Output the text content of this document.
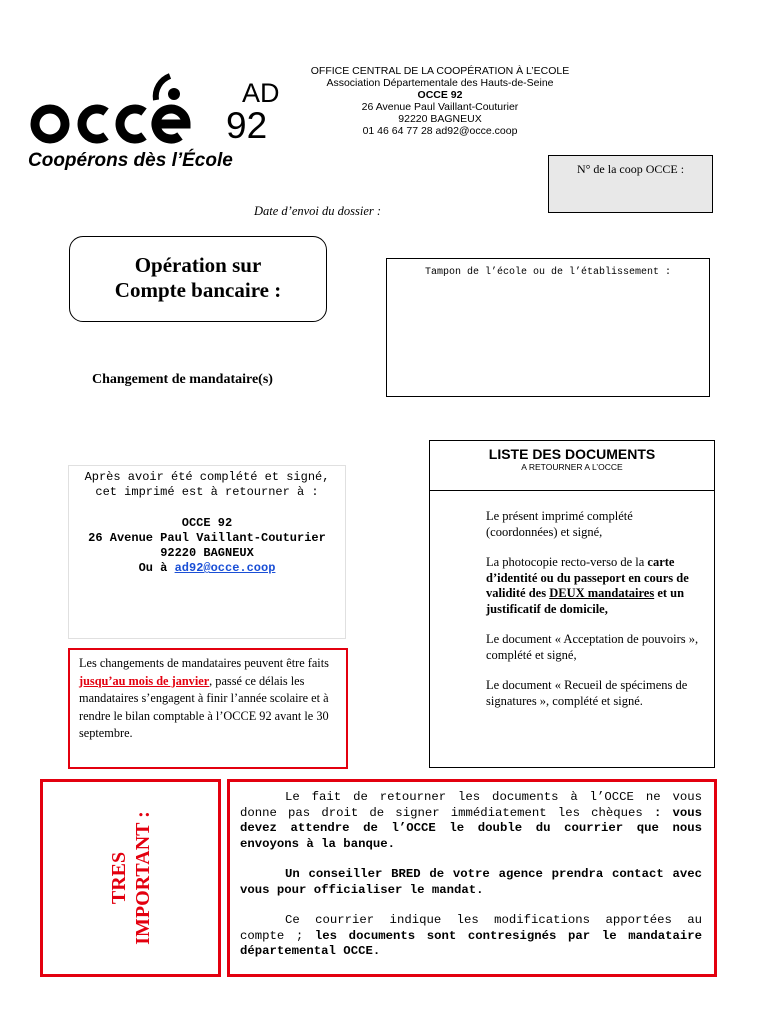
AD
92
Coopérons dès l’École
OFFICE CENTRAL DE LA COOPÉRATION À L’ECOLE
Association Départementale des Hauts-de-Seine
OCCE 92
26 Avenue Paul Vaillant-Couturier
92220 BAGNEUX
01 46 64 77 28 ad92@occe.coop
N° de la coop OCCE :
Date d’envoi du dossier :
Opération sur
Compte bancaire :
Tampon de l’école ou de l’établissement :
Changement de mandataire(s)
LISTE DES DOCUMENTS
A RETOURNER A L’OCCE

Le présent imprimé complété (coordonnées) et signé,

La photocopie recto-verso de la carte d’identité ou du passeport en cours de validité des DEUX mandataires et un justificatif de domicile,

Le document « Acceptation de pouvoirs », complété et signé,

Le document « Recueil de spécimens de signatures », complété et signé.

Après avoir été complété et signé, cet imprimé est à retourner à :

OCCE 92

26 Avenue Paul Vaillant-Couturier

92220 BAGNEUX

Ou à ad92@occe.coop

Les changements de mandataires peuvent être faits jusqu’au mois de janvier, passé ce délais les mandataires s’engagent à finir l’année scolaire et à rendre le bilan comptable à l’OCCE 92 avant le 30 septembre.
TRES IMPORTANT :

Le fait de retourner les documents à l’OCCE ne vous donne pas droit de signer immédiatement les chèques : vous devez attendre de l’OCCE le double du courrier que nous envoyons à la banque.

Un conseiller BRED de votre agence prendra contact avec vous pour officialiser le mandat.

Ce courrier indique les modifications apportées au compte ; les documents sont contresignés par le mandataire départemental OCCE.
